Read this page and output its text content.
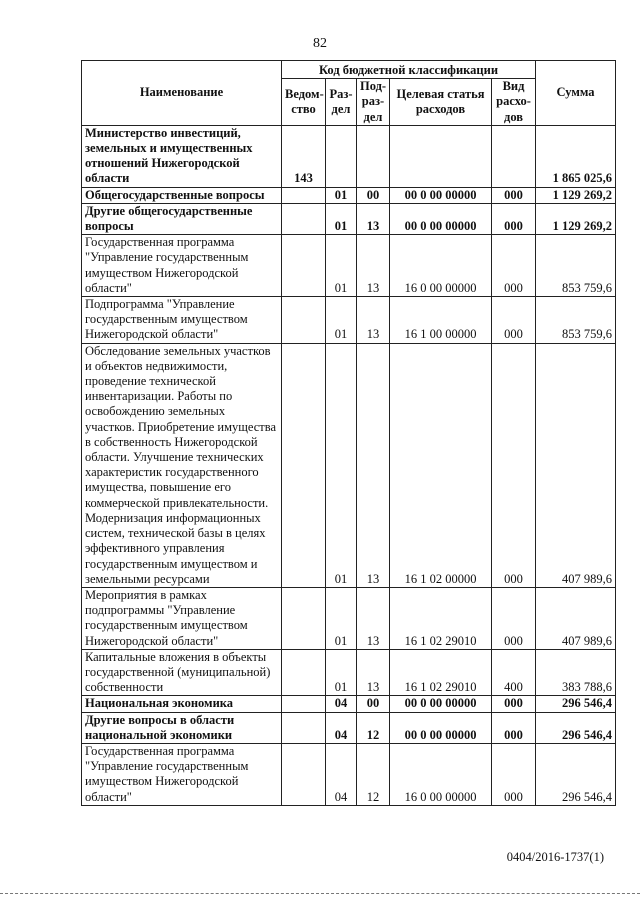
82
Наименование	Код бюджетной классификации					Сумма
	Ведом-ство	Раз-дел	Под-раз-дел	Целевая статья расходов	Вид расхо-дов	
Министерство инвестиций, земельных и имущественных отношений Нижегородской области	143					1 865 025,6
Общегосударственные вопросы		01	00	00 0 00 00000	000	1 129 269,2
Другие общегосударственные вопросы		01	13	00 0 00 00000	000	1 129 269,2
Государственная программа "Управление государственным имуществом Нижегородской области"		01	13	16 0 00 00000	000	853 759,6
Подпрограмма "Управление государственным имуществом Нижегородской области"		01	13	16 1 00 00000	000	853 759,6
Обследование земельных участков и объектов недвижимости, проведение технической инвентаризации. Работы по освобождению земельных участков. Приобретение имущества в собственность Нижегородской области. Улучшение технических характеристик государственного имущества, повышение его коммерческой привлекательности. Модернизация информационных систем, технической базы в целях эффективного управления государственным имуществом и земельными ресурсами		01	13	16 1 02 00000	000	407 989,6
Мероприятия в рамках подпрограммы "Управление государственным имуществом Нижегородской области"		01	13	16 1 02 29010	000	407 989,6
Капитальные вложения в объекты государственной (муниципальной) собственности		01	13	16 1 02 29010	400	383 788,6
Национальная экономика		04	00	00 0 00 00000	000	296 546,4
Другие вопросы в области национальной экономики		04	12	00 0 00 00000	000	296 546,4
Государственная программа "Управление государственным имуществом Нижегородской области"		04	12	16 0 00 00000	000	296 546,4
0404/2016-1737(1)
